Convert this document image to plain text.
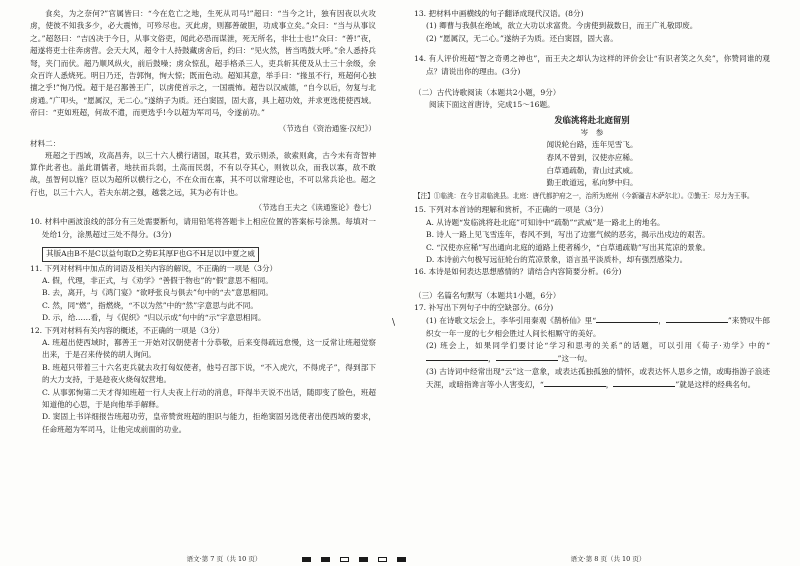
食矣，为之奈何?”官属皆曰：“今在危亡之地，生死从司马!”超曰：“当今之计，独有因夜以火攻虏，使彼不知我多少，必大震怖，可殄尽也。灭此虏，则鄯善破胆，功成事立矣。”众曰：“当与从事议之。”超怒曰：“吉凶决于今日，从事文俗吏，闻此必恐而谋泄，死无所名，非壮士也!”众曰：“善!”夜，超遂将吏士往奔虏营。会天大风，超令十人持鼓藏虏舍后，约曰：“见火然，皆当鸣鼓大呼。”余人悉持兵弩，夹门而伏。超乃顺风纵火，前后鼓噪；虏众惊乱，超手格杀三人，吏兵斩其使及从士三十余级，余众百许人悉烧死。明日乃还，告郭恂，恂大惊；既而色动。超知其意，举手曰：“掾虽不行，班超何心独擅之乎!”恂乃悦。超于是召鄯善王广，以虏使首示之，一国震怖。超告以汉威德，“自今以后，勿复与北虏通。”广叩头，“愿属汉，无二心。”遂纳子为质。还白窦固，固大喜，具上超功效，并求更选使使西域。帝曰：“吏如班超，何故不遣，而更选乎!今以超为军司马，令遂前功。”

（节选自《资治通鉴·汉纪》）

材料二：

班超之于西域，攻高昌奔，以三十六人横行诸国，取其君，致示则杀，欲索则禽，古今未有奇智神算作此者也。盖此谓儒者，地扶而兵弱，土高而民弱，不有以夺其心，则彼以众，而我以寡，敌不敢战，虽智何以施？臣以为超所以横行之心，不在众而在寡，其不可以常理论也，不可以常兵论也。超之行也，以三十六人，若夫东胡之强，越裳之远，其为必有计也。

（节选自王夫之《读通鉴论》卷七）

10. 材料中画波浪线的部分有三处需要断句，请用铅笔将答题卡上相应位置的答案标号涂黑。每填对一处给1分，涂黑超过三处不得分。(3分)

其版A由B不是C以益句取D之势E其厚F也G不H足以I中夏之威

11. 下列对材料中加点的词语及相关内容的解说，不正确的一项是（3分）

A. 假，代理，非正式，与《劝学》“善假于物也”的“假”意思不相同。

B. 去，离开，与《鸿门宴》“欲呼张良与俱去”句中的“去”意思相同。

C. 然，同“燃”，指燃烧，“不以为然”中的“然”字意思与此不同。

D. 示，给……看，与《促织》“归以示成”句中的“示”字意思相同。

12. 下列对材料有关内容的概述，不正确的一项是（3分）

A. 班超出使西域时，鄯善王一开始对汉朝使者十分恭敬，后来变得疏远怠慢，这一反常让班超觉察出来，于是召来侍侯的胡人询问。

B. 班超只带着三十六名吏兵就去攻打匈奴使者，他号召部下说，“不入虎穴，不得虎子”，得到部下的大力支持，于是趁夜火烧匈奴营地。

C. 从事郭恂第二天才得知班超一行人夫夜上行动的消息，吓得半天说不出话，随即变了脸色，班超知道他的心思，于是向他举手解释。

D. 窦固上书详细报告班超功劳，皇帝赞赏班超的胆识与能力，拒绝窦固另选使者出使西域的要求，任命班超为军司马，让他完成前面的功业。

语文·第 7 页（共 10 页）

13. 把材料中画横线的句子翻译成现代汉语。(8分)

(1) 卿曹与我俱在绝域，欲立大功以求富贵。今虏使到裁数日，而王广礼敬即废。

(2) “愿属汉，无二心。”遂纳子为质。还白窦固，固大喜。

14. 有人评价班超“智之奇勇之神也”，而王夫之却认为这样的评价会让“有识者笑之久矣”，你赞同谁的观点？请说出你的理由。(3分)

（二）古代诗歌阅读（本题共2小题，9分）

阅读下面这首唐诗，完成15～16题。

发临洮将赴北庭留别

岑　参

闻说轮台路，连年见雪飞。

春风不曾到，汉使亦应稀。

白草通疏勒，青山过武威。

勤王敢道远，私向梦中归。

【注】①临洮：在今甘肃临洮县。北庭：唐代都护府之一，治所为庭州（今新疆吉木萨尔北）。②勤王：尽力为王事。

15. 下列对本首诗的理解和赏析，不正确的一项是（3分）

A. 从诗题“发临洮将赴北庭”可知诗中“疏勒”“武威”是一路北上的地名。

B. 诗人一路上见飞雪连年，春风不到，写出了边塞气候的恶劣，揭示出戍边的艰苦。

C. “汉使亦应稀”写出通向北庭的道路上使者稀少，“白草通疏勒”写出其荒凉的景象。

D. 本诗前六句极写远征轮台的荒凉景象，语言虽平淡质朴，却有强烈感染力。

16. 本诗是如何表达思想感情的？请结合内容简要分析。(6分)

（三）名篇名句默写（本题共1小题，6分）

17. 补写出下列句子中的空缺部分。(6分)

(1) 在诗歌文坛会上，李华引用秦观《鹊桥仙》里“	，	”来赞叹牛郎织女一年一度的七夕相会胜过人间长相厮守的美好。

(2) 班会上，如果同学们要讨论“学习和思考的关系”的话题，可以引用《荀子·劝学》中的“，	”这一句。

(3) 古诗词中经常出现“云”这一意象，或表达孤独孤独的情怀，或表达怀人思乡之情，或晦指游子浪迹天涯，或暗指谗言等小人害变幻，“	，	”就是这样的经典名句。

语文·第 8 页（共 10 页）
\
